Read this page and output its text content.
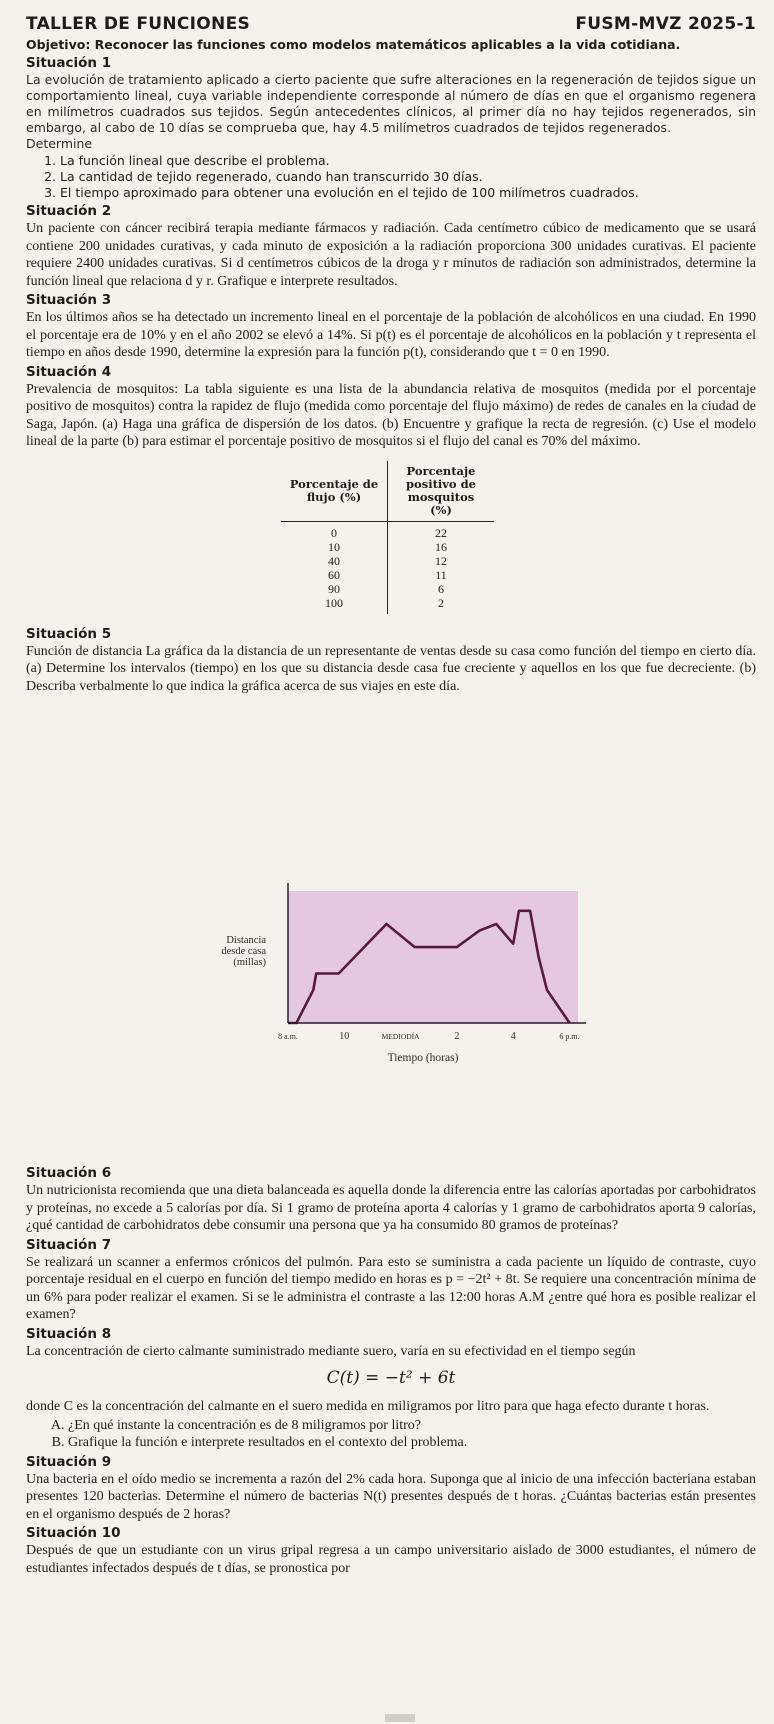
TALLER DE FUNCIONES	FUSM-MVZ 2025-1
Objetivo: Reconocer las funciones como modelos matemáticos aplicables a la vida cotidiana.
Situación 1
La evolución de tratamiento aplicado a cierto paciente que sufre alteraciones en la regeneración de tejidos sigue un comportamiento lineal, cuya variable independiente corresponde al número de días en que el organismo regenera en milímetros cuadrados sus tejidos. Según antecedentes clínicos, al primer día no hay tejidos regenerados, sin embargo, al cabo de 10 días se comprueba que, hay 4.5 milímetros cuadrados de tejidos regenerados.
Determine
1. La función lineal que describe el problema.
2. La cantidad de tejido regenerado, cuando han transcurrido 30 días.
3. El tiempo aproximado para obtener una evolución en el tejido de 100 milímetros cuadrados.
Situación 2
Un paciente con cáncer recibirá terapia mediante fármacos y radiación. Cada centímetro cúbico de medicamento que se usará contiene 200 unidades curativas, y cada minuto de exposición a la radiación proporciona 300 unidades curativas. El paciente requiere 2400 unidades curativas. Si d centímetros cúbicos de la droga y r minutos de radiación son administrados, determine la función lineal que relaciona d y r. Grafique e interprete resultados.
Situación 3
En los últimos años se ha detectado un incremento lineal en el porcentaje de la población de alcohólicos en una ciudad. En 1990 el porcentaje era de 10% y en el año 2002 se elevó a 14%. Si p(t) es el porcentaje de alcohólicos en la población y t representa el tiempo en años desde 1990, determine la expresión para la función p(t), considerando que t = 0 en 1990.
Situación 4
Prevalencia de mosquitos: La tabla siguiente es una lista de la abundancia relativa de mosquitos (medida por el porcentaje positivo de mosquitos) contra la rapidez de flujo (medida como porcentaje del flujo máximo) de redes de canales en la ciudad de Saga, Japón. (a) Haga una gráfica de dispersión de los datos. (b) Encuentre y grafique la recta de regresión. (c) Use el modelo lineal de la parte (b) para estimar el porcentaje positivo de mosquitos si el flujo del canal es 70% del máximo.
Porcentaje de flujo (%)	Porcentaje positivo de mosquitos (%)
0	22
10	16
40	12
60	11
90	6
100	2
Situación 5
Función de distancia La gráfica da la distancia de un representante de ventas desde su casa como función del tiempo en cierto día. (a) Determine los intervalos (tiempo) en los que su distancia desde casa fue creciente y aquellos en los que fue decreciente. (b) Describa verbalmente lo que indica la gráfica acerca de sus viajes en este día.
Distancia
desde casa
(millas)
8 a.m.	10	MEDIODÍA	2	4	6 p.m.
Tiempo (horas)
Situación 6
Un nutricionista recomienda que una dieta balanceada es aquella donde la diferencia entre las calorías aportadas por carbohidratos y proteínas, no excede a 5 calorías por día. Si 1 gramo de proteína aporta 4 calorías y 1 gramo de carbohidratos aporta 9 calorías, ¿qué cantidad de carbohidratos debe consumir una persona que ya ha consumido 80 gramos de proteínas?
Situación 7
Se realizará un scanner a enfermos crónicos del pulmón. Para esto se suministra a cada paciente un líquido de contraste, cuyo porcentaje residual en el cuerpo en función del tiempo medido en horas es p = −2t² + 8t. Se requiere una concentración mínima de un 6% para poder realizar el examen. Si se le administra el contraste a las 12:00 horas A.M ¿entre qué hora es posible realizar el examen?
Situación 8
La concentración de cierto calmante suministrado mediante suero, varía en su efectividad en el tiempo según
C(t) = −t² + 6t
donde C es la concentración del calmante en el suero medida en miligramos por litro para que haga efecto durante t horas.
A. ¿En qué instante la concentración es de 8 miligramos por litro?
B. Grafique la función e interprete resultados en el contexto del problema.
Situación 9
Una bacteria en el oído medio se incrementa a razón del 2% cada hora. Suponga que al inicio de una infección bacteriana estaban presentes 120 bacterias. Determine el número de bacterias N(t) presentes después de t horas. ¿Cuántas bacterias están presentes en el organismo después de 2 horas?
Situación 10
Después de que un estudiante con un virus gripal regresa a un campo universitario aislado de 3000 estudiantes, el número de estudiantes infectados después de t días, se pronostica por
